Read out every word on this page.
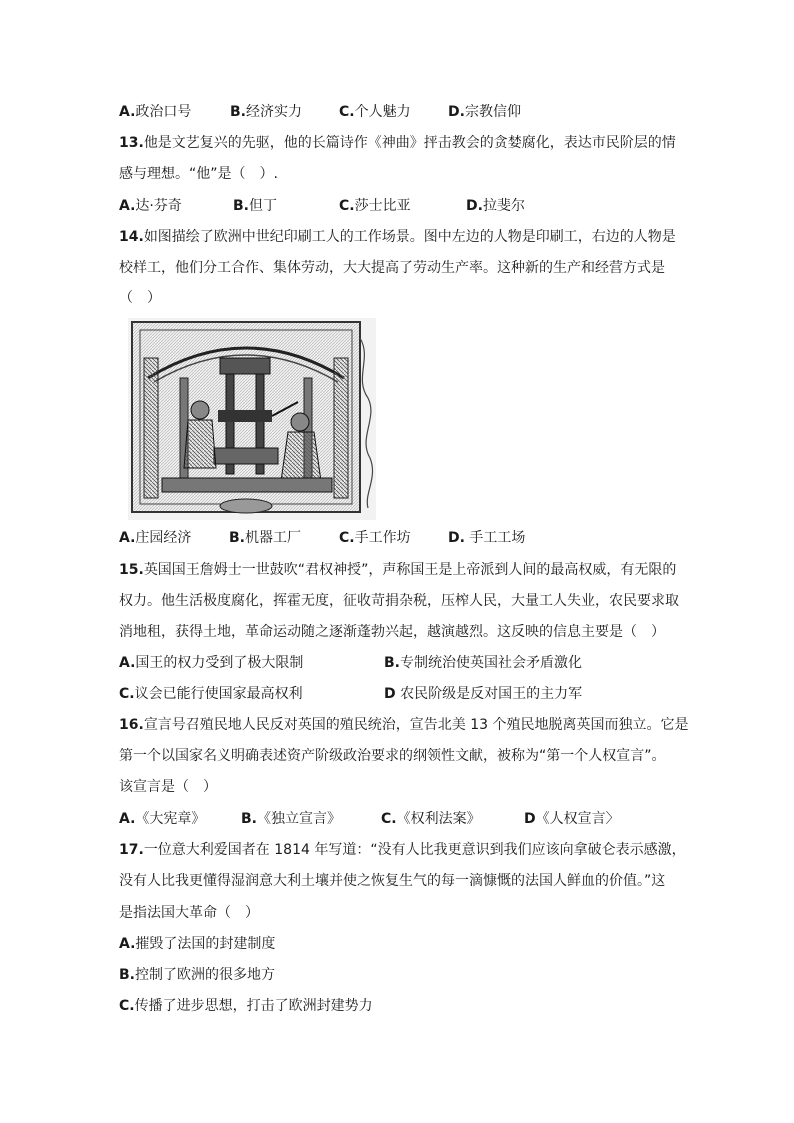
A.政治口号	B.经济实力	C.个人魅力	D.宗教信仰
13.他是文艺复兴的先驱，他的长篇诗作《神曲》抨击教会的贪婪腐化，表达市民阶层的情
感与理想。“他”是（　）.
A.达·芬奇	B.但丁	C.莎士比亚	D.拉斐尔
14.如图描绘了欧洲中世纪印刷工人的工作场景。图中左边的人物是印刷工，右边的人物是
校样工，他们分工合作、集体劳动，大大提高了劳动生产率。这种新的生产和经营方式是
（　）
A.庄园经济	B.机器工厂	C.手工作坊	D. 手工工场
15.英国国王詹姆士一世鼓吹“君权神授”，声称国王是上帝派到人间的最高权威，有无限的
权力。他生活极度腐化，挥霍无度，征收苛捐杂税，压榨人民，大量工人失业，农民要求取
消地租，获得土地，革命运动随之逐渐蓬勃兴起，越演越烈。这反映的信息主要是（　）
A.国王的权力受到了极大限制	B.专制统治使英国社会矛盾激化
C.议会已能行使国家最高权利	D 农民阶级是反对国王的主力军
16.宣言号召殖民地人民反对英国的殖民统治，宣告北美 13 个殖民地脱离英国而独立。它是
第一个以国家名义明确表述资产阶级政治要求的纲领性文献，被称为“第一个人权宣言”。
该宣言是（　）
A.《大宪章》	B.《独立宣言》	C.《权利法案》	D《人权宣言〉
17.一位意大利爱国者在 1814 年写道：“没有人比我更意识到我们应该向拿破仑表示感激，
没有人比我更懂得湿润意大利土壤并使之恢复生气的每一滴慷慨的法国人鲜血的价值。”这
是指法国大革命（　）
A.摧毁了法国的封建制度
B.控制了欧洲的很多地方
C.传播了进步思想，打击了欧洲封建势力
